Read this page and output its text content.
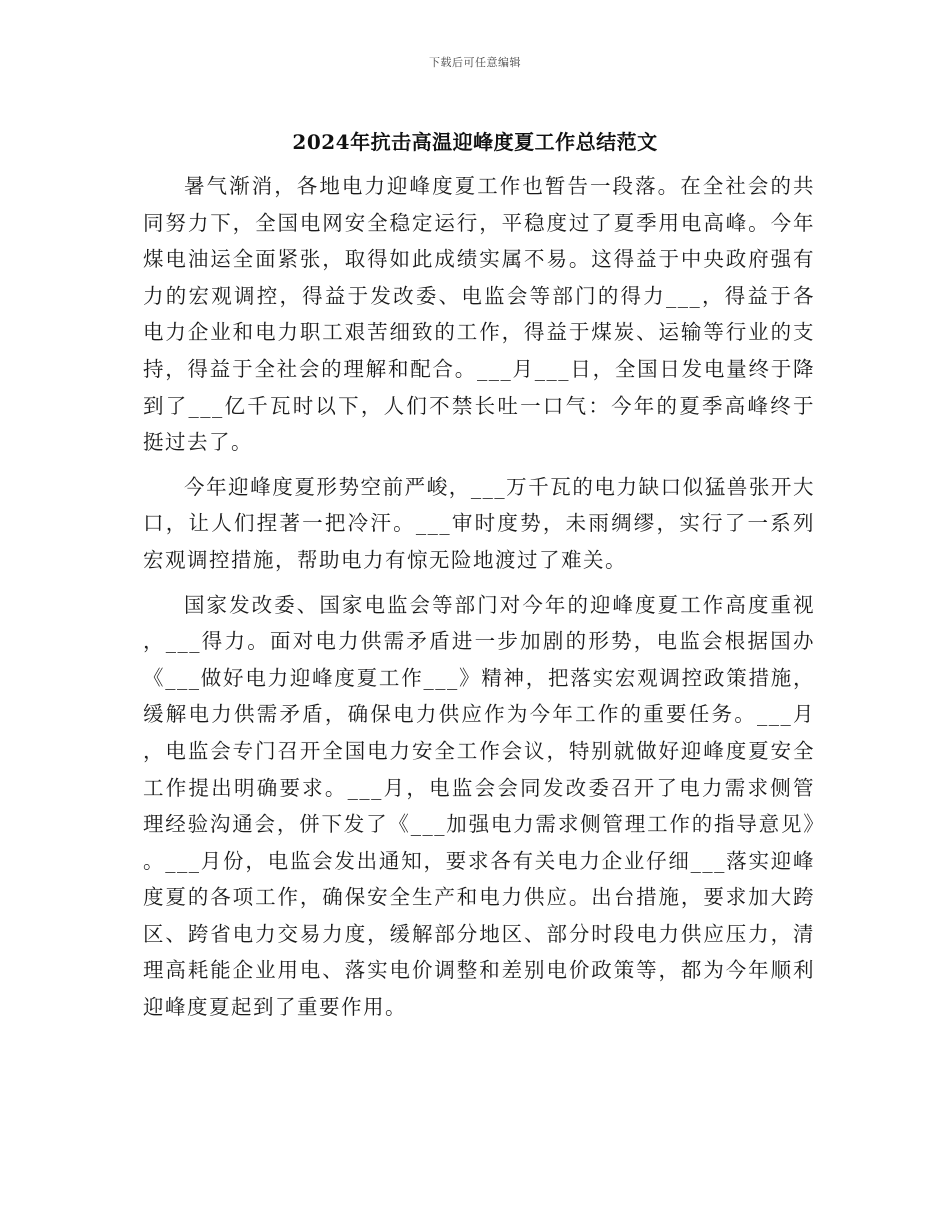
下载后可任意编辑
2024年抗击高温迎峰度夏工作总结范文

暑气渐消，各地电力迎峰度夏工作也暂告一段落。在全社会的共同努力下，全国电网安全稳定运行，平稳度过了夏季用电高峰。今年煤电油运全面紧张，取得如此成绩实属不易。这得益于中央政府强有力的宏观调控，得益于发改委、电监会等部门的得力___，得益于各电力企业和电力职工艰苦细致的工作，得益于煤炭、运输等行业的支持，得益于全社会的理解和配合。___月___日，全国日发电量终于降到了___亿千瓦时以下，人们不禁长吐一口气：今年的夏季高峰终于挺过去了。

今年迎峰度夏形势空前严峻，___万千瓦的电力缺口似猛兽张开大口，让人们捏著一把冷汗。___审时度势，未雨绸缪，实行了一系列宏观调控措施，帮助电力有惊无险地渡过了难关。

国家发改委、国家电监会等部门对今年的迎峰度夏工作高度重视，___得力。面对电力供需矛盾进一步加剧的形势，电监会根据国办《___做好电力迎峰度夏工作___》精神，把落实宏观调控政策措施，缓解电力供需矛盾，确保电力供应作为今年工作的重要任务。___月，电监会专门召开全国电力安全工作会议，特别就做好迎峰度夏安全工作提出明确要求。___月，电监会会同发改委召开了电力需求侧管理经验沟通会，併下发了《___加强电力需求侧管理工作的指导意见》。___月份，电监会发出通知，要求各有关电力企业仔细___落实迎峰度夏的各项工作，确保安全生产和电力供应。出台措施，要求加大跨区、跨省电力交易力度，缓解部分地区、部分时段电力供应压力，清理高耗能企业用电、落实电价调整和差别电价政策等，都为今年顺利迎峰度夏起到了重要作用。
